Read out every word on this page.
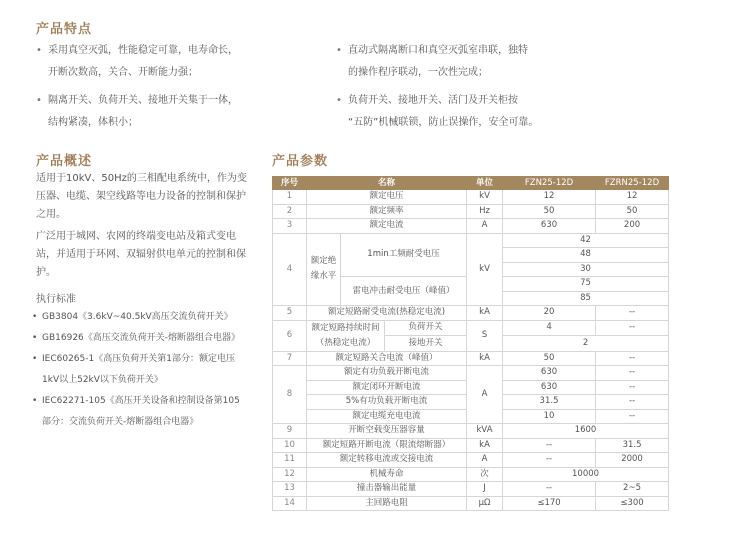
产品特点
• 采用真空灭弧，性能稳定可靠，电寿命长，
开断次数高，关合、开断能力强；
• 隔离开关、负荷开关、接地开关集于一体，
结构紧凑，体积小；
• 直动式隔离断口和真空灭弧室串联，独特
的操作程序联动，一次性完成；
• 负荷开关、接地开关、活门及开关柜按
“五防”机械联锁，防止误操作，安全可靠。
产品概述

适用于10kV、50Hz的三相配电系统中，作为变压器、电缆、架空线路等电力设备的控制和保护之用。

广泛用于城网、农网的终端变电站及箱式变电站，并适用于环网、双辐射供电单元的控制和保护。

执行标准
• GB3804《3.6kV~40.5kV高压交流负荷开关》
• GB16926《高压交流负荷开关-熔断器组合电器》
• IEC60265-1《高压负荷开关第1部分：额定电压
1kV以上52kV以下负荷开关》
• IEC62271-105《高压开关设备和控制设备第105
部分：交流负荷开关-熔断器组合电器》
产品参数
序号	名称			单位	FZN25-12D	FZRN25-12D
1	额定电压			kV	12	12
2	额定频率			Hz	50	50
3	额定电流			A	630	200
4	额定绝缘水平	1min工频耐受电压		kV	42	
					48	
					30	
		雷电冲击耐受电压（峰值）			75	
					85	
5	额定短路耐受电流(热稳定电流)			kA	20	--
6	额定短路持续时间（热稳定电流）		负荷开关	S	4	--
			接地开关		2	
7	额定短路关合电流（峰值）			kA	50	--
8	额定有功负载开断电流			A	630	--
	额定闭环开断电流				630	--
	5%有功负载开断电流				31.5	--
	额定电缆充电电流				10	--
9	开断空载变压器容量			kVA	1600	
10	额定短路开断电流（限流熔断器）			kA	--	31.5
11	额定转移电流或交接电流			A	--	2000
12	机械寿命			次	10000	
13	撞击器输出能量			J	--	2~5
14	主回路电阻			μΩ	≤170	≤300
